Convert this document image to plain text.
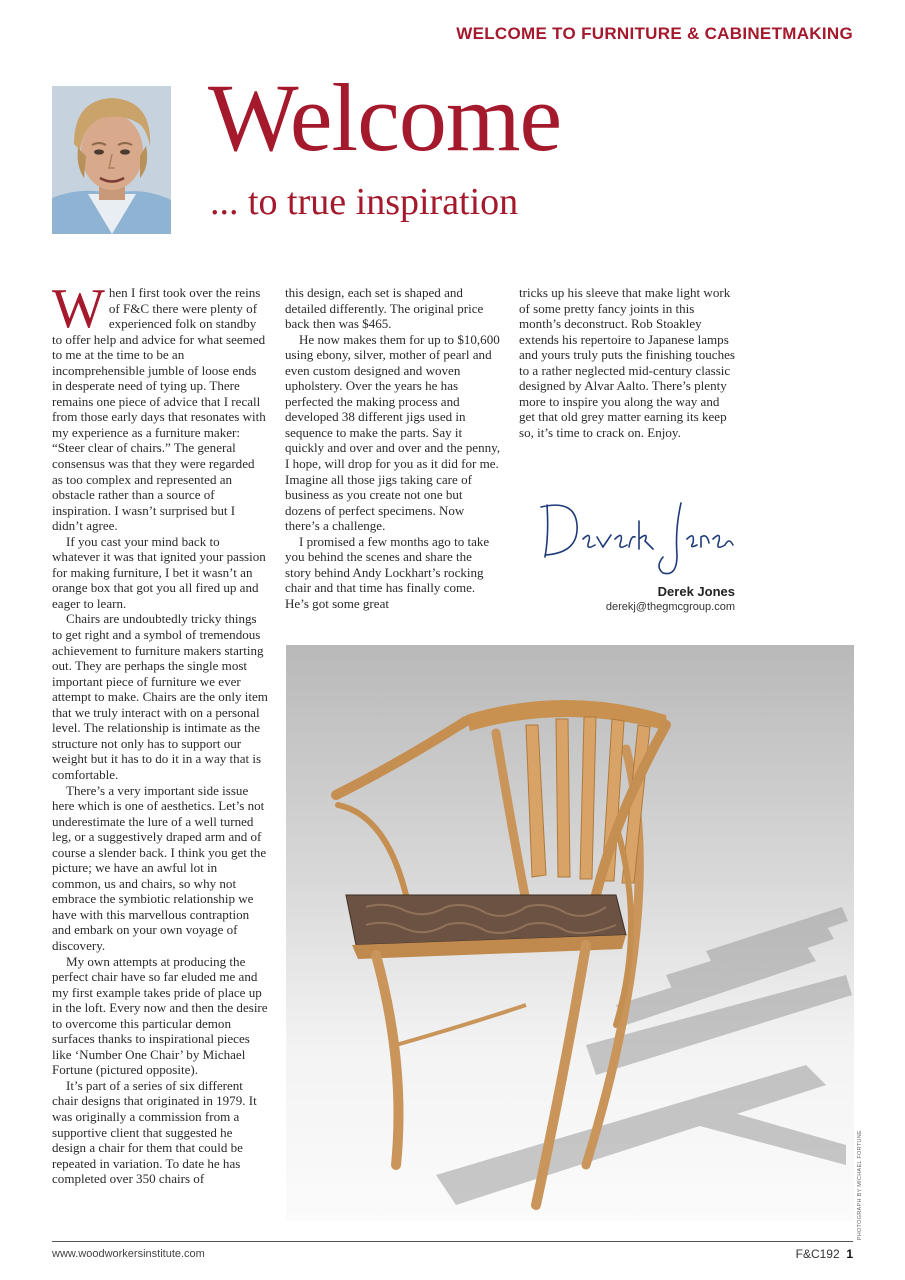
WELCOME TO FURNITURE & CABINETMAKING
Welcome
... to true inspiration

When I first took over the reins of F&C there were plenty of experienced folk on standby to offer help and advice for what seemed to me at the time to be an incomprehensible jumble of loose ends in desperate need of tying up. There remains one piece of advice that I recall from those early days that resonates with my experience as a furniture maker: “Steer clear of chairs.” The general consensus was that they were regarded as too complex and represented an obstacle rather than a source of inspiration. I wasn’t surprised but I didn’t agree.

If you cast your mind back to whatever it was that ignited your passion for making furniture, I bet it wasn’t an orange box that got you all fired up and eager to learn.

Chairs are undoubtedly tricky things to get right and a symbol of tremendous achievement to furniture makers starting out. They are perhaps the single most important piece of furniture we ever attempt to make. Chairs are the only item that we truly interact with on a personal level. The relationship is intimate as the structure not only has to support our weight but it has to do it in a way that is comfortable.

There’s a very important side issue here which is one of aesthetics. Let’s not underestimate the lure of a well turned leg, or a suggestively draped arm and of course a slender back. I think you get the picture; we have an awful lot in common, us and chairs, so why not embrace the symbiotic relationship we have with this marvellous contraption and embark on your own voyage of discovery.

My own attempts at producing the perfect chair have so far eluded me and my first example takes pride of place up in the loft. Every now and then the desire to overcome this particular demon surfaces thanks to inspirational pieces like ‘Number One Chair’ by Michael Fortune (pictured opposite).

It’s part of a series of six different chair designs that originated in 1979. It was originally a commission from a supportive client that suggested he design a chair for them that could be repeated in variation. To date he has completed over 350 chairs of

this design, each set is shaped and detailed differently. The original price back then was $465.

He now makes them for up to $10,600 using ebony, silver, mother of pearl and even custom designed and woven upholstery. Over the years he has perfected the making process and developed 38 different jigs used in sequence to make the parts. Say it quickly and over and over and the penny, I hope, will drop for you as it did for me. Imagine all those jigs taking care of business as you create not one but dozens of perfect specimens. Now there’s a challenge.

I promised a few months ago to take you behind the scenes and share the story behind Andy Lockhart’s rocking chair and that time has finally come. He’s got some great

tricks up his sleeve that make light work of some pretty fancy joints in this month’s deconstruct. Rob Stoakley extends his repertoire to Japanese lamps and yours truly puts the finishing touches to a rather neglected mid-century classic designed by Alvar Aalto. There’s plenty more to inspire you along the way and get that old grey matter earning its keep so, it’s time to crack on. Enjoy.

Derek Jones
derekj@thegmcgroup.com
PHOTOGRAPH BY MICHAEL FORTUNE
www.woodworkersinstitute.com	F&C192 1
